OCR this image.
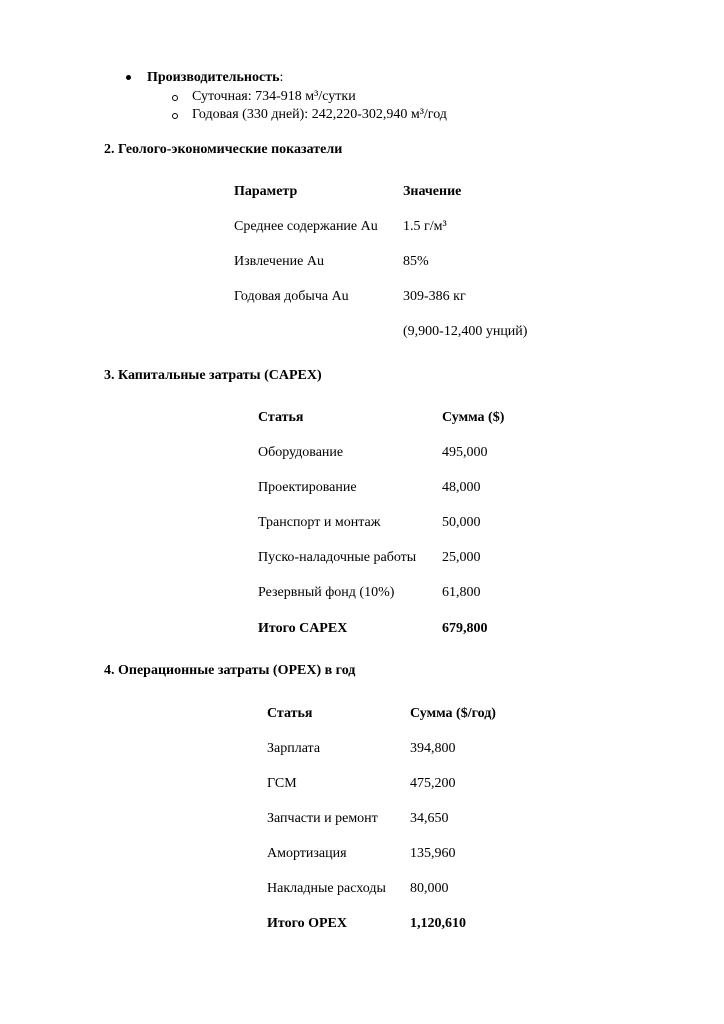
Производительность:
Суточная: 734-918 м³/сутки
Годовая (330 дней): 242,220-302,940 м³/год
2. Геолого-экономические показатели
Параметр	Значение
Среднее содержание Au 1.5 г/м³
Извлечение Au	85%
Годовая добыча Au	309-386 кг
(9,900-12,400 унций)
3. Капитальные затраты (CAPEX)
Статья	Сумма ($)
Оборудование	495,000
Проектирование	48,000
Транспорт и монтаж	50,000
Пуско-наладочные работы 25,000
Резервный фонд (10%)	61,800
Итого CAPEX	679,800
4. Операционные затраты (OPEX) в год
Статья	Сумма ($/год)
Зарплата	394,800
ГСМ	475,200
Запчасти и ремонт 34,650
Амортизация	135,960
Накладные расходы 80,000
Итого OPEX	1,120,610
